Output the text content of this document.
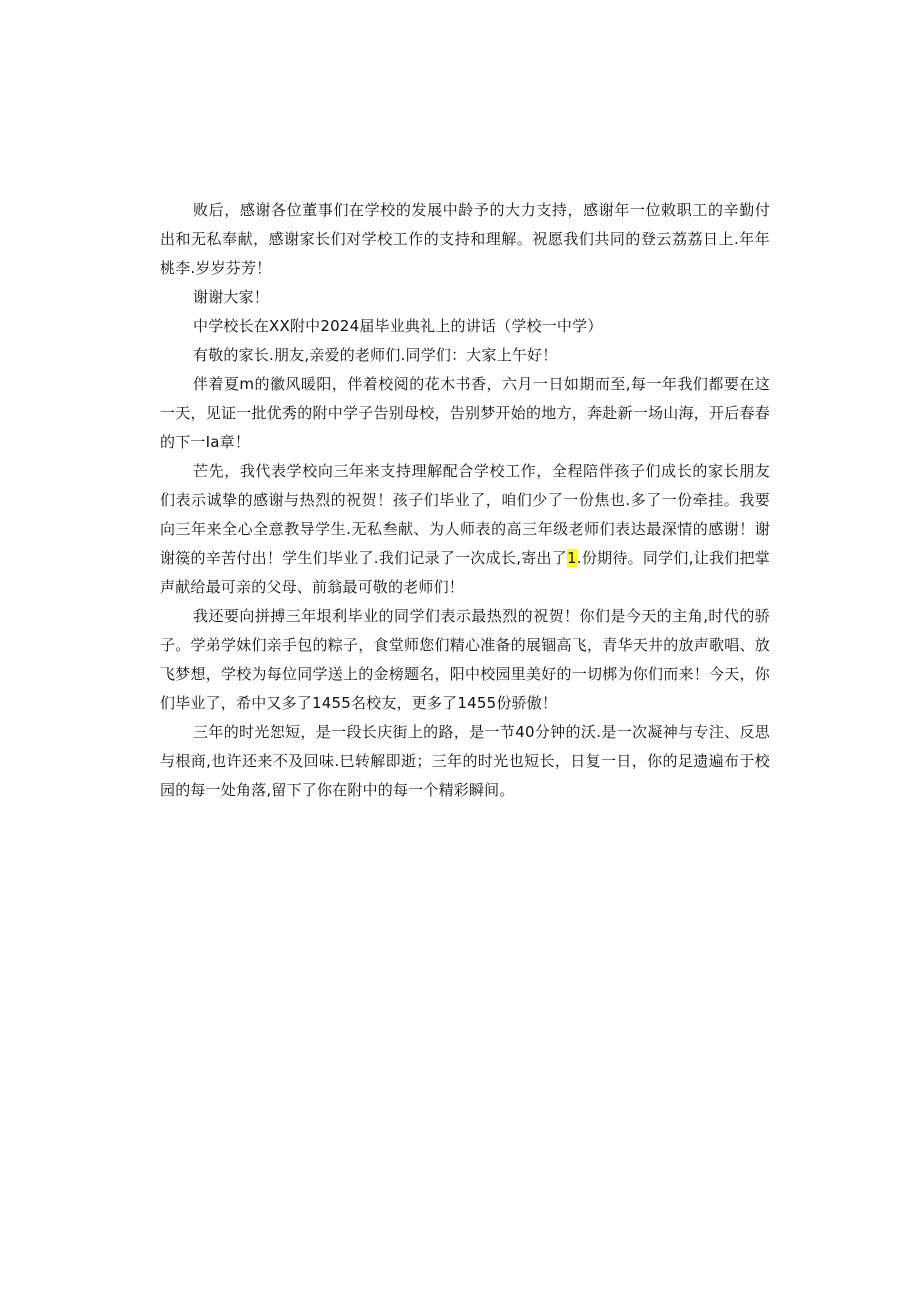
败后，感谢各位董事们在学校的发展中龄予的大力支持，感谢年一位敕职工的辛勤付出和无私奉献，感谢家长们对学校工作的支持和理解。祝愿我们共同的登云荔荔日上.年年桃李.岁岁芬芳！

谢谢大家！

中学校长在XX附中2024届毕业典礼上的讲话（学校一中学）

有敬的家长.朋友,亲爱的老师们.同学们：大家上午好！

伴着夏m的徽风暖阳，伴着校阅的花木书香，六月一日如期而至,每一年我们都要在这一天，见证一批优秀的附中学子告别母校，告别梦开始的地方，奔赴新一场山海，开后春春的下一Ia章！

芒先，我代表学校向三年来支持理解配合学校工作，全程陪伴孩子们成长的家长朋友们表示诚挚的感谢与热烈的祝贺！孩子们毕业了，咱们少了一份焦也.多了一份牵挂。我要向三年来全心全意教导学生.无私叁献、为人师表的高三年级老师们表达最深情的感谢！谢谢篌的辛苦付出！学生们毕业了.我们记录了一次成长,寄出了1.份期待。同学们,让我们把掌声献给最可亲的父母、前翁最可敬的老师们！

我还要向拼搏三年垠利毕业的同学们表示最热烈的祝贺！你们是今天的主角,时代的骄子。学弟学妹们亲手包的粽子，食堂师您们精心准备的展锢高飞，青华天井的放声歌唱、放飞梦想，学校为每位同学送上的金榜题名，阳中校园里美好的一切梆为你们而来！今天，你们毕业了，希中又多了1455名校友，更多了1455份骄傲！

三年的时光恕短，是一段长庆街上的路，是一节40分钟的沃.是一次凝神与专注、反思与根商,也许还来不及回味.巳转解即逝；三年的时光也短长，日复一日，你的足遗遍布于校园的每一处角落,留下了你在附中的每一个精彩瞬间。
